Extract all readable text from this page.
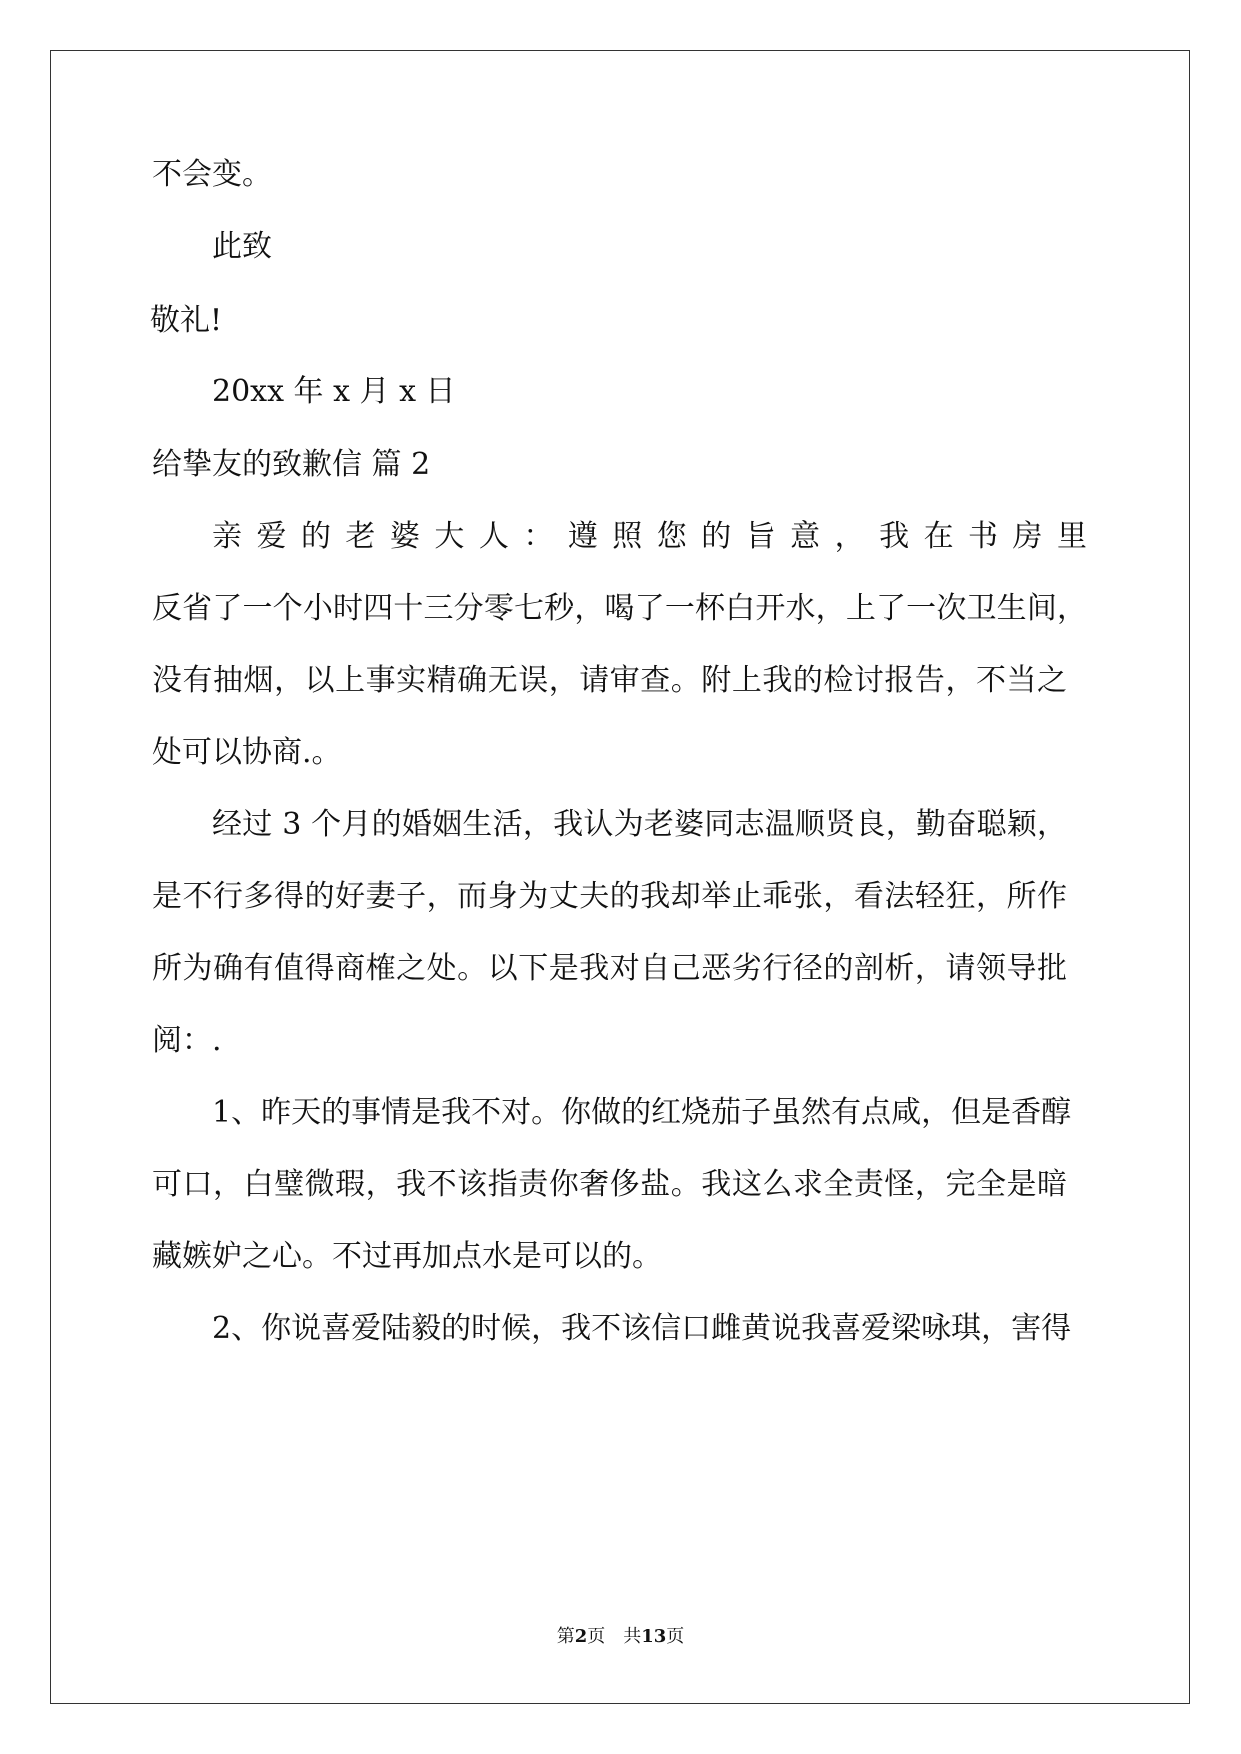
不会变。
此致
敬礼!
20xx 年 x 月 x 日
给挚友的致歉信 篇 2
亲爱的老婆大人：遵照您的旨意，我在书房里
反省了一个小时四十三分零七秒，喝了一杯白开水，上了一次卫生间，
没有抽烟，以上事实精确无误，请审查。附上我的检讨报告，不当之
处可以协商.。
经过 3 个月的婚姻生活，我认为老婆同志温顺贤良，勤奋聪颖，
是不行多得的好妻子，而身为丈夫的我却举止乖张，看法轻狂，所作
所为确有值得商榷之处。以下是我对自己恶劣行径的剖析，请领导批
阅：.
1、昨天的事情是我不对。你做的红烧茄子虽然有点咸，但是香醇
可口，白璧微瑕，我不该指责你奢侈盐。我这么求全责怪，完全是暗
藏嫉妒之心。不过再加点水是可以的。
2、你说喜爱陆毅的时候，我不该信口雌黄说我喜爱梁咏琪，害得
第2页　共13页
